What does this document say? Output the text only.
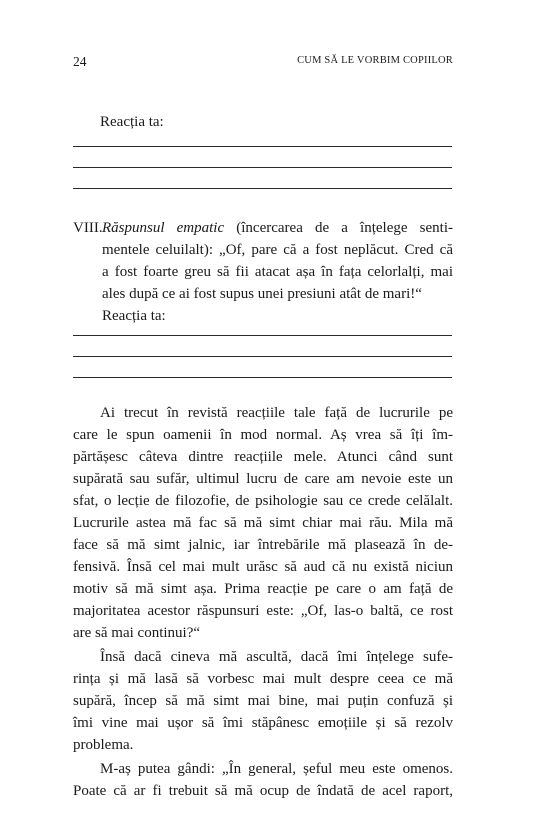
24	CUM SĂ LE VORBIM COPIILOR
Reacția ta:
VIII. Răspunsul empatic (încercarea de a înțelege senti-
mentele celuilalt): „Of, pare că a fost neplăcut. Cred că
a fost foarte greu să fii atacat așa în fața celorlalți, mai
ales după ce ai fost supus unei presiuni atât de mari!“
Reacția ta:
Ai trecut în revistă reacțiile tale față de lucrurile pe
care le spun oamenii în mod normal. Aș vrea să îți îm-
părtășesc câteva dintre reacțiile mele. Atunci când sunt
supărată sau sufăr, ultimul lucru de care am nevoie este un
sfat, o lecție de filozofie, de psihologie sau ce crede celălalt.
Lucrurile astea mă fac să mă simt chiar mai rău. Mila mă
face să mă simt jalnic, iar întrebările mă plasează în de-
fensivă. Însă cel mai mult urăsc să aud că nu există niciun
motiv să mă simt așa. Prima reacție pe care o am față de
majoritatea acestor răspunsuri este: „Of, las-o baltă, ce rost
are să mai continui?“
Însă dacă cineva mă ascultă, dacă îmi înțelege sufe-
rința și mă lasă să vorbesc mai mult despre ceea ce mă
supără, încep să mă simt mai bine, mai puțin confuză și
îmi vine mai ușor să îmi stăpânesc emoțiile și să rezolv
problema.
M-aș putea gândi: „În general, șeful meu este omenos.
Poate că ar fi trebuit să mă ocup de îndată de acel raport,
